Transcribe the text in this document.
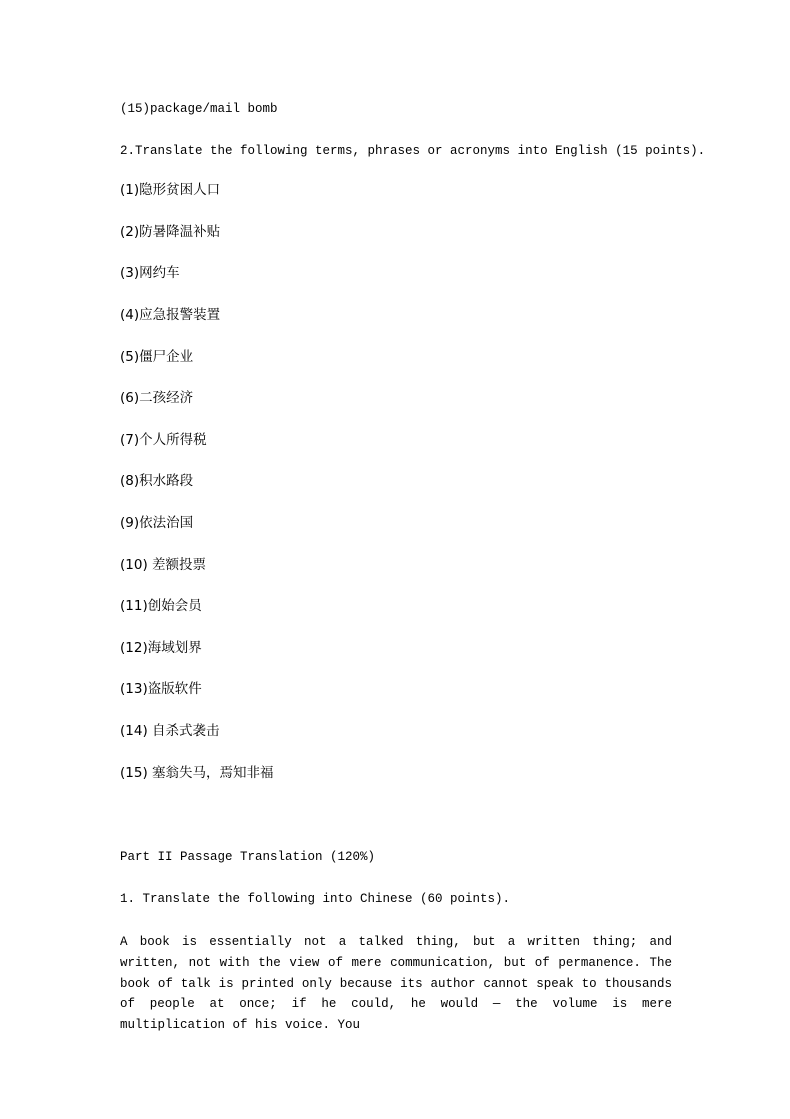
(15)package/mail bomb
2.Translate the following terms, phrases or acronyms into English (15 points).
(1)隐形贫困人口
(2)防暑降温补贴
(3)网约车
(4)应急报警装置
(5)僵尸企业
(6)二孩经济
(7)个人所得税
(8)积水路段
(9)依法治国
(10) 差额投票
(11)创始会员
(12)海域划界
(13)盗版软件
(14) 自杀式袭击
(15) 塞翁失马，焉知非福
Part II Passage Translation (120%)
1. Translate the following into Chinese (60 points).
A book is essentially not a talked thing, but a written thing; and written, not with the view of mere communication, but of permanence. The book of talk is printed only because its author cannot speak to thousands of people at once; if he could, he would — the volume is mere multiplication of his voice. You
